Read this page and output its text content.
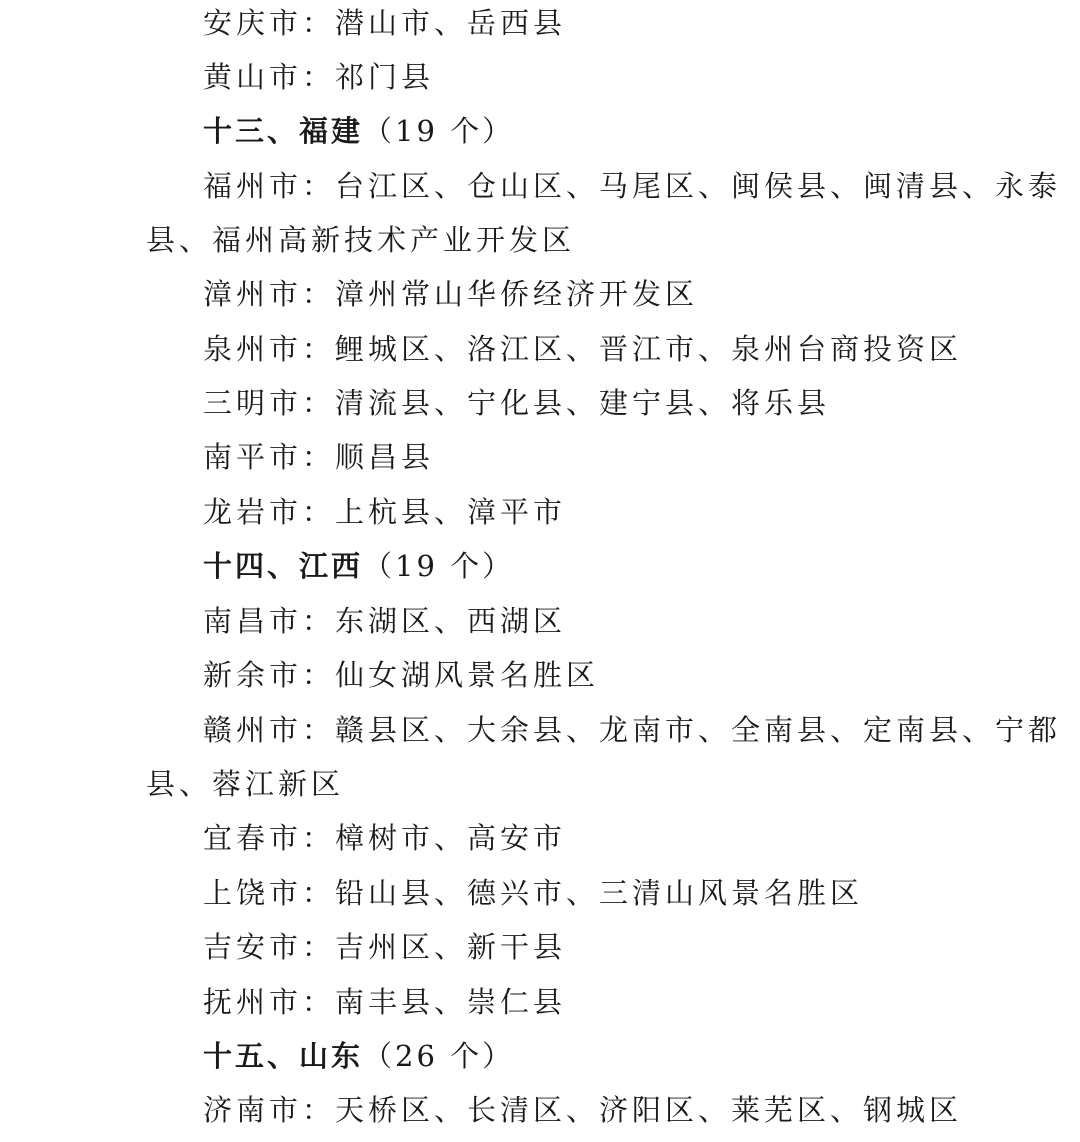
安庆市：潜山市、岳西县
黄山市：祁门县
十三、福建（19 个）
福州市：台江区、仓山区、马尾区、闽侯县、闽清县、永泰
县、福州高新技术产业开发区
漳州市：漳州常山华侨经济开发区
泉州市：鲤城区、洛江区、晋江市、泉州台商投资区
三明市：清流县、宁化县、建宁县、将乐县
南平市：顺昌县
龙岩市：上杭县、漳平市
十四、江西（19 个）
南昌市：东湖区、西湖区
新余市：仙女湖风景名胜区
赣州市：赣县区、大余县、龙南市、全南县、定南县、宁都
县、蓉江新区
宜春市：樟树市、高安市
上饶市：铅山县、德兴市、三清山风景名胜区
吉安市：吉州区、新干县
抚州市：南丰县、崇仁县
十五、山东（26 个）
济南市：天桥区、长清区、济阳区、莱芜区、钢城区
